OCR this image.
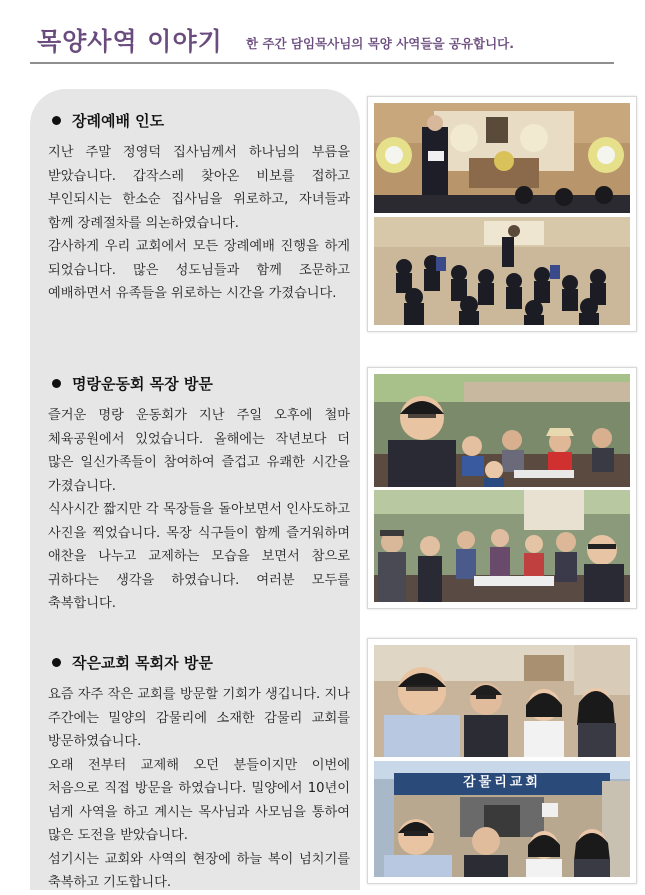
목양사역 이야기 한 주간 담임목사님의 목양 사역들을 공유합니다.
장례예배 인도

지난 주말 정영덕 집사님께서 하나님의 부름을 받았습니다. 갑작스레 찾아온 비보를 접하고 부인되시는 한소순 집사님을 위로하고, 자녀들과 함께 장례절차를 의논하였습니다.

감사하게 우리 교회에서 모든 장례예배 진행을 하게 되었습니다. 많은 성도님들과 함께 조문하고 예배하면서 유족들을 위로하는 시간을 가졌습니다.

명랑운동회 목장 방문

즐거운 명랑 운동회가 지난 주일 오후에 철마 체육공원에서 있었습니다. 올해에는 작년보다 더 많은 일신가족들이 참여하여 즐겁고 유쾌한 시간을 가졌습니다.

식사시간 짧지만 각 목장들을 돌아보면서 인사도하고 사진을 찍었습니다. 목장 식구들이 함께 즐거워하며 애찬을 나누고 교제하는 모습을 보면서 참으로 귀하다는 생각을 하였습니다. 여러분 모두를 축복합니다.

작은교회 목회자 방문

요즘 자주 작은 교회를 방문할 기회가 생깁니다. 지나 주간에는 밀양의 감물리에 소재한 감물리 교회를 방문하였습니다.

오래 전부터 교제해 오던 분들이지만 이번에 처음으로 직접 방문을 하였습니다. 밀양에서 10년이 넘게 사역을 하고 계시는 목사님과 사모님을 통하여 많은 도전을 받았습니다.

섬기시는 교회와 사역의 현장에 하늘 복이 넘치기를 축복하고 기도합니다.

감물리교회
